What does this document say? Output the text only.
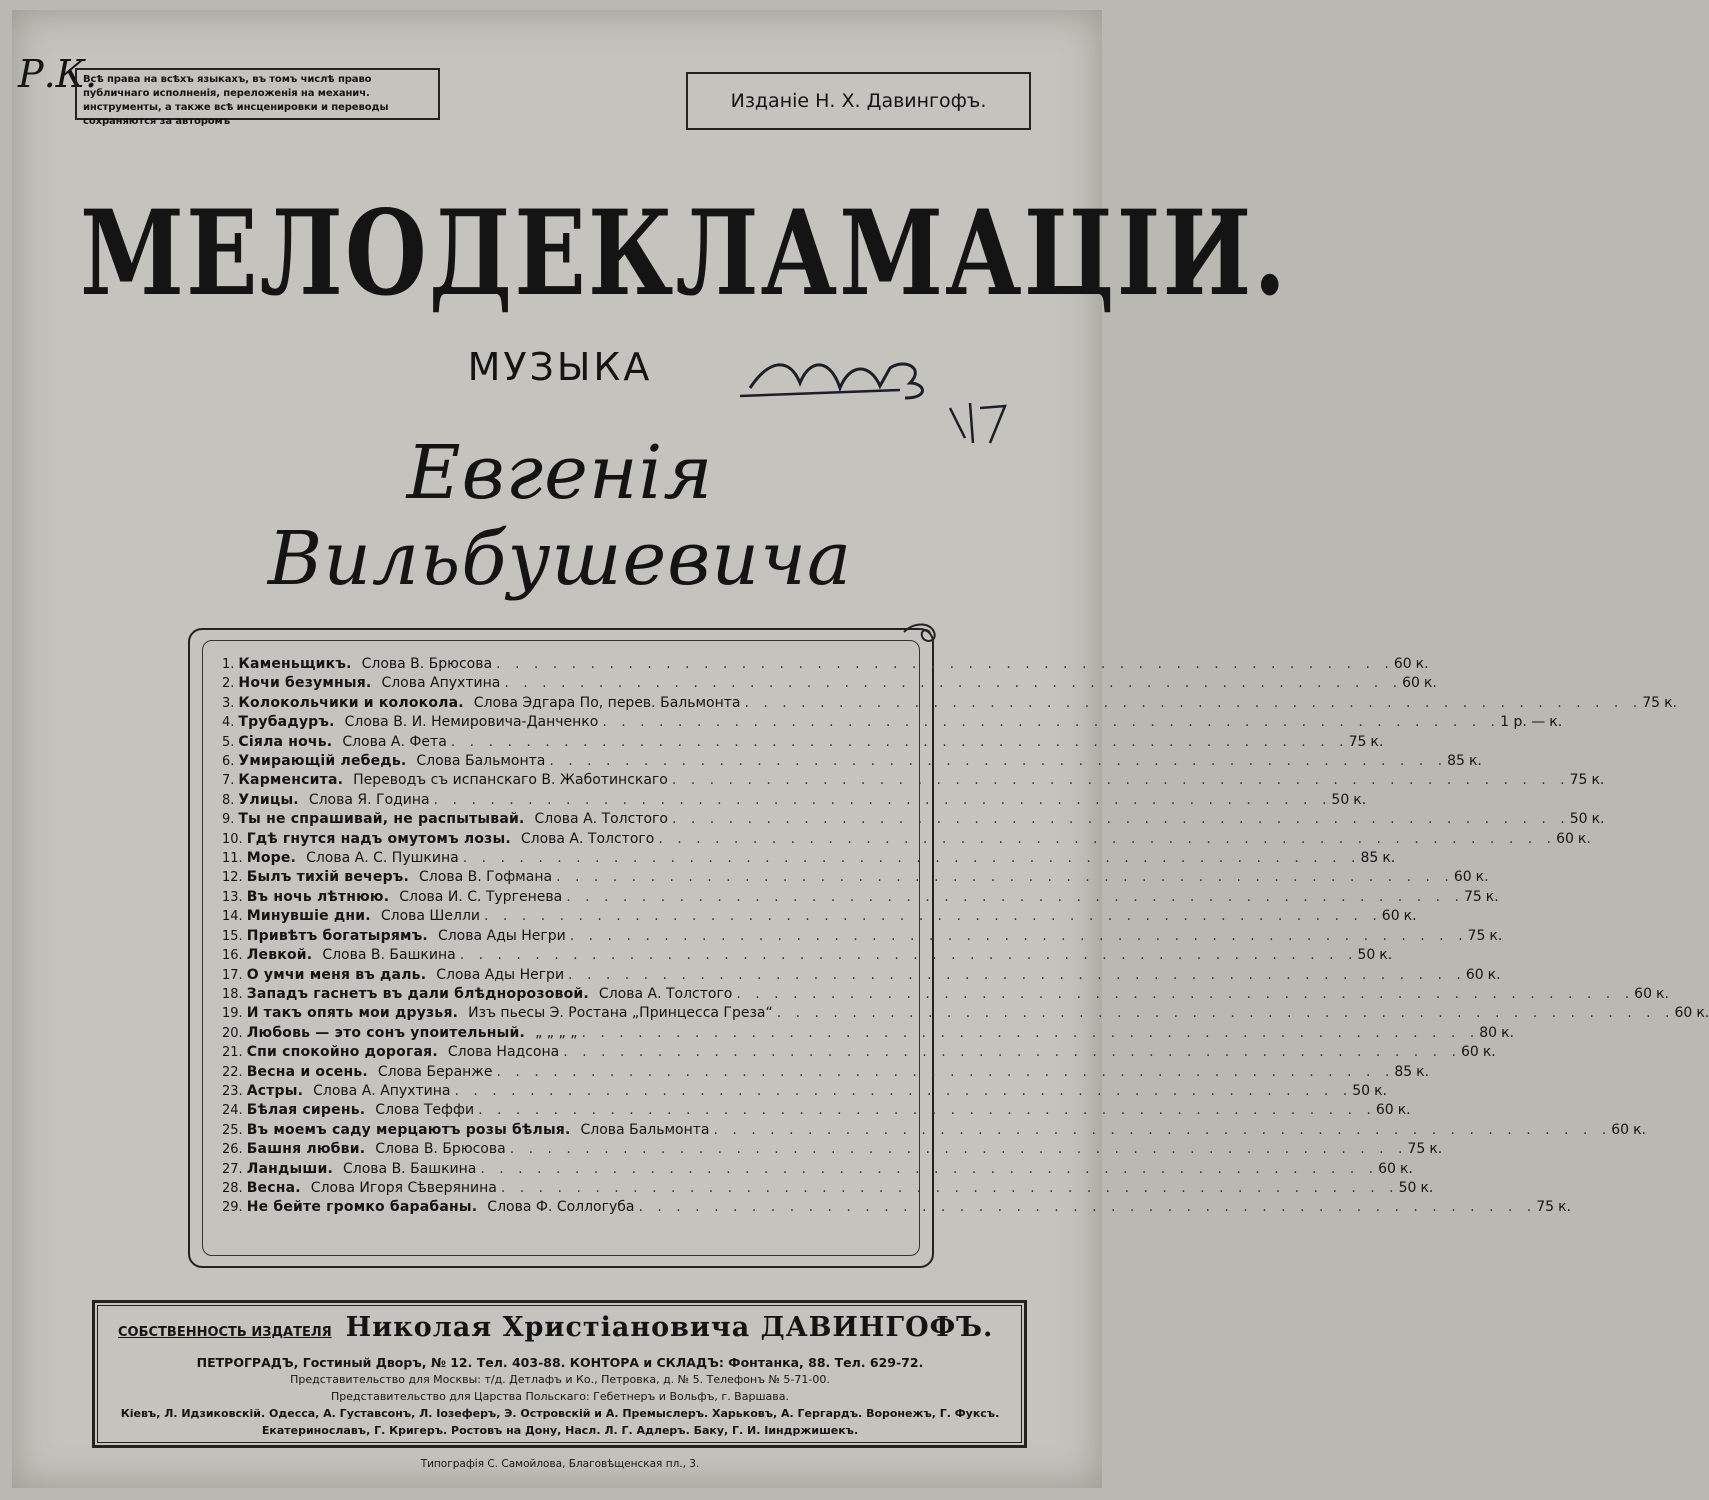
Р.К.
Всѣ права на всѣхъ языкахъ, въ томъ числѣ право публичнаго исполненія, переложенія на механич. инструменты, а также всѣ инсценировки и переводы сохраняются за авторомъ
Изданіе Н. Х. Давингофъ.
МЕЛОДЕКЛАМАЦІИ.
МУЗЫКА
Евгенія Вильбушевича
1. Каменьщикъ. Слова В. Брюсова . . . . . . . . . . . . . . . . . . . . . . . . . . . . . . . . . . . . . . . . . . . . . . . . 60 к.
2. Ночи безумныя. Слова Апухтина . . . . . . . . . . . . . . . . . . . . . . . . . . . . . . . . . . . . . . . . . . . . . . . . 60 к.
3. Колокольчики и колокола. Слова Эдгара По, перев. Бальмонта . . . . . . . . . . . . . . . . . . . . . . . . . . . . . . . . . . . . . . . . . . . . . . . . 75 к.
4. Трубадуръ. Слова В. И. Немировича-Данченко . . . . . . . . . . . . . . . . . . . . . . . . . . . . . . . . . . . . . . . . . . . . . . . . 1 р. — к.
5. Сіяла ночь. Слова А. Фета . . . . . . . . . . . . . . . . . . . . . . . . . . . . . . . . . . . . . . . . . . . . . . . . 75 к.
6. Умирающій лебедь. Слова Бальмонта . . . . . . . . . . . . . . . . . . . . . . . . . . . . . . . . . . . . . . . . . . . . . . . . 85 к.
7. Карменсита. Переводъ съ испанскаго В. Жаботинскаго . . . . . . . . . . . . . . . . . . . . . . . . . . . . . . . . . . . . . . . . . . . . . . . . 75 к.
8. Улицы. Слова Я. Година . . . . . . . . . . . . . . . . . . . . . . . . . . . . . . . . . . . . . . . . . . . . . . . . 50 к.
9. Ты не спрашивай, не распытывай. Слова А. Толстого . . . . . . . . . . . . . . . . . . . . . . . . . . . . . . . . . . . . . . . . . . . . . . . . 50 к.
10. Гдѣ гнутся надъ омутомъ лозы. Слова А. Толстого . . . . . . . . . . . . . . . . . . . . . . . . . . . . . . . . . . . . . . . . . . . . . . . . 60 к.
11. Море. Слова А. С. Пушкина . . . . . . . . . . . . . . . . . . . . . . . . . . . . . . . . . . . . . . . . . . . . . . . . 85 к.
12. Былъ тихій вечеръ. Слова В. Гофмана . . . . . . . . . . . . . . . . . . . . . . . . . . . . . . . . . . . . . . . . . . . . . . . . 60 к.
13. Въ ночь лѣтнюю. Слова И. С. Тургенева . . . . . . . . . . . . . . . . . . . . . . . . . . . . . . . . . . . . . . . . . . . . . . . . 75 к.
14. Минувшіе дни. Слова Шелли . . . . . . . . . . . . . . . . . . . . . . . . . . . . . . . . . . . . . . . . . . . . . . . . 60 к.
15. Привѣтъ богатырямъ. Слова Ады Негри . . . . . . . . . . . . . . . . . . . . . . . . . . . . . . . . . . . . . . . . . . . . . . . . 75 к.
16. Левкой. Слова В. Башкина . . . . . . . . . . . . . . . . . . . . . . . . . . . . . . . . . . . . . . . . . . . . . . . . 50 к.
17. О умчи меня въ даль. Слова Ады Негри . . . . . . . . . . . . . . . . . . . . . . . . . . . . . . . . . . . . . . . . . . . . . . . . 60 к.
18. Западъ гаснетъ въ дали блѣднорозовой. Слова А. Толстого . . . . . . . . . . . . . . . . . . . . . . . . . . . . . . . . . . . . . . . . . . . . . . . . 60 к.
19. И такъ опять мои друзья. Изъ пьесы Э. Ростана „Принцесса Греза“ . . . . . . . . . . . . . . . . . . . . . . . . . . . . . . . . . . . . . . . . . . . . . . . . 60 к.
20. Любовь — это сонъ упоительный. „ „ „ „ . . . . . . . . . . . . . . . . . . . . . . . . . . . . . . . . . . . . . . . . . . . . . . . . 80 к.
21. Спи спокойно дорогая. Слова Надсона . . . . . . . . . . . . . . . . . . . . . . . . . . . . . . . . . . . . . . . . . . . . . . . . 60 к.
22. Весна и осень. Слова Беранже . . . . . . . . . . . . . . . . . . . . . . . . . . . . . . . . . . . . . . . . . . . . . . . . 85 к.
23. Астры. Слова А. Апухтина . . . . . . . . . . . . . . . . . . . . . . . . . . . . . . . . . . . . . . . . . . . . . . . . 50 к.
24. Бѣлая сирень. Слова Теффи . . . . . . . . . . . . . . . . . . . . . . . . . . . . . . . . . . . . . . . . . . . . . . . . 60 к.
25. Въ моемъ саду мерцаютъ розы бѣлыя. Слова Бальмонта . . . . . . . . . . . . . . . . . . . . . . . . . . . . . . . . . . . . . . . . . . . . . . . . 60 к.
26. Башня любви. Слова В. Брюсова . . . . . . . . . . . . . . . . . . . . . . . . . . . . . . . . . . . . . . . . . . . . . . . . 75 к.
27. Ландыши. Слова В. Башкина . . . . . . . . . . . . . . . . . . . . . . . . . . . . . . . . . . . . . . . . . . . . . . . . 60 к.
28. Весна. Слова Игоря Сѣверянина . . . . . . . . . . . . . . . . . . . . . . . . . . . . . . . . . . . . . . . . . . . . . . . . 50 к.
29. Не бейте громко барабаны. Слова Ф. Соллогуба . . . . . . . . . . . . . . . . . . . . . . . . . . . . . . . . . . . . . . . . . . . . . . . . 75 к.
СОБСТВЕННОСТЬ ИЗДАТЕЛЯ Николая Христіановича ДАВИНГОФЪ.
ПЕТРОГРАДЪ, Гостиный Дворъ, № 12. Тел. 403-88. КОНТОРА и СКЛАДЪ: Фонтанка, 88. Тел. 629-72.
Представительство для Москвы: т/д. Детлафъ и Ко., Петровка, д. № 5. Телефонъ № 5-71-00.
Представительство для Царства Польскаго: Гебетнеръ и Вольфъ, г. Варшава.
Кіевъ, Л. Идзиковскій. Одесса, А. Густавсонъ, Л. Іозеферъ, Э. Островскій и А. Премыслеръ. Харьковъ, А. Гергардъ. Воронежъ, Г. Фуксъ.
Екатеринославъ, Г. Кригеръ. Ростовъ на Дону, Насл. Л. Г. Адлеръ. Баку, Г. И. Іиндржишекъ.
Типографія С. Самойлова, Благовѣщенская пл., 3.
